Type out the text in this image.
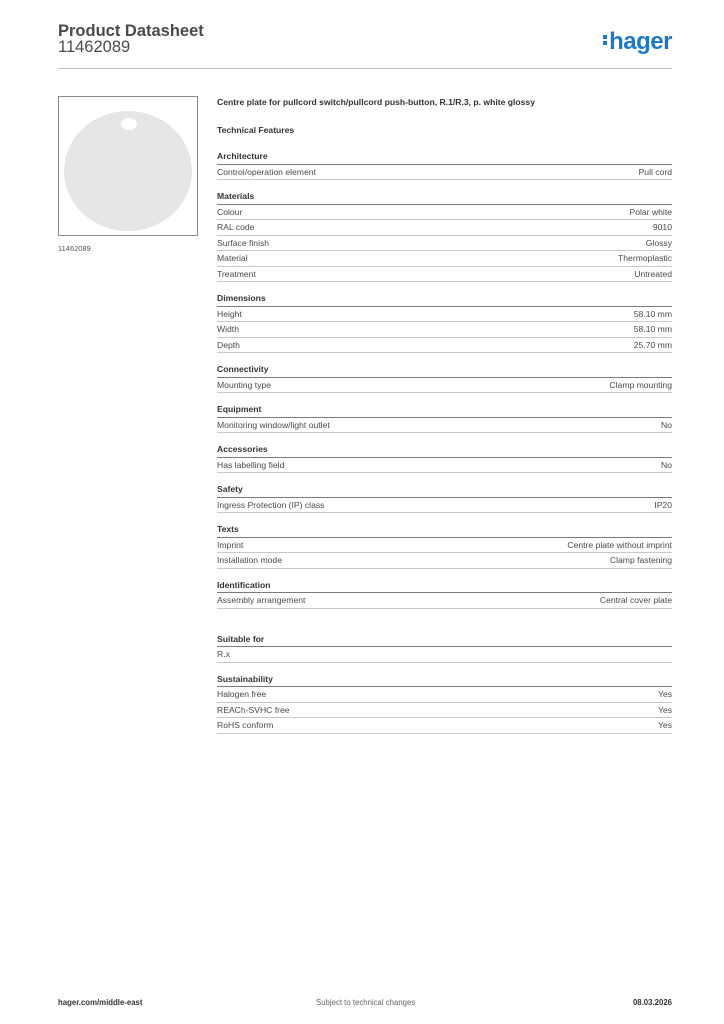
Product Datasheet
11462089	hager
11462089
Centre plate for pullcord switch/pullcord push-button, R.1/R.3, p. white glossy
Technical Features
Architecture
Control/operation element	Pull cord
Materials
Colour	Polar white
RAL code	9010
Surface finish	Glossy
Material	Thermoplastic
Treatment	Untreated
Dimensions
Height	58.10 mm
Width	58.10 mm
Depth	25.70 mm
Connectivity
Mounting type	Clamp mounting
Equipment
Monitoring window/light outlet	No
Accessories
Has labelling field	No
Safety
Ingress Protection (IP) class	IP20
Texts
Imprint	Centre plate without imprint
Installation mode	Clamp fastening
Identification
Assembly arrangement	Central cover plate
Suitable for
R.x
Sustainability
Halogen free	Yes
REACh-SVHC free	Yes
RoHS conform	Yes
hager.com/middle-east	Subject to technical changes	08.03.2026
